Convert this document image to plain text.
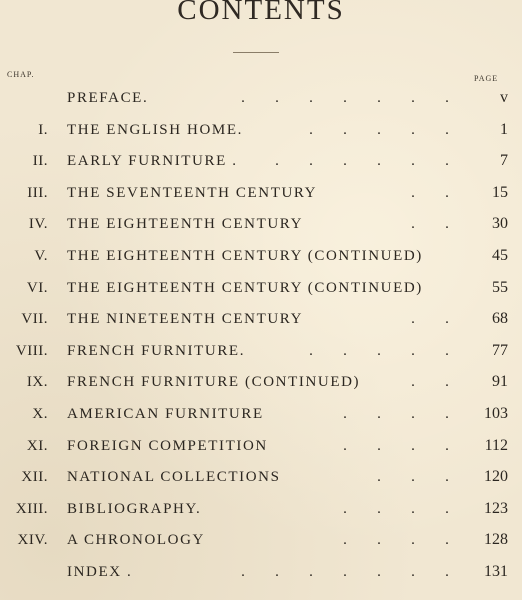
CONTENTS
CHAP.	PAGE
PREFACE.	. . . . . . .	v
I. THE ENGLISH HOME.	. . . . .	1
II. EARLY FURNITURE .	. . . . . .	7
III. THE SEVENTEENTH CENTURY	. .	15
IV. THE EIGHTEENTH CENTURY	. .	30
V. THE EIGHTEENTH CENTURY (CONTINUED)	45
VI. THE EIGHTEENTH CENTURY (CONTINUED)	55
VII. THE NINETEENTH CENTURY	. .	68
VIII. FRENCH FURNITURE.	. . . . .	77
IX. FRENCH FURNITURE (CONTINUED)	. .	91
X. AMERICAN FURNITURE	. . . .	103
XI. FOREIGN COMPETITION	. . . .	112
XII. NATIONAL COLLECTIONS	. . .	120
XIII. BIBLIOGRAPHY.	. . . .	123
XIV. A CHRONOLOGY	. . . .	128
INDEX .	. . . . . . .	131
